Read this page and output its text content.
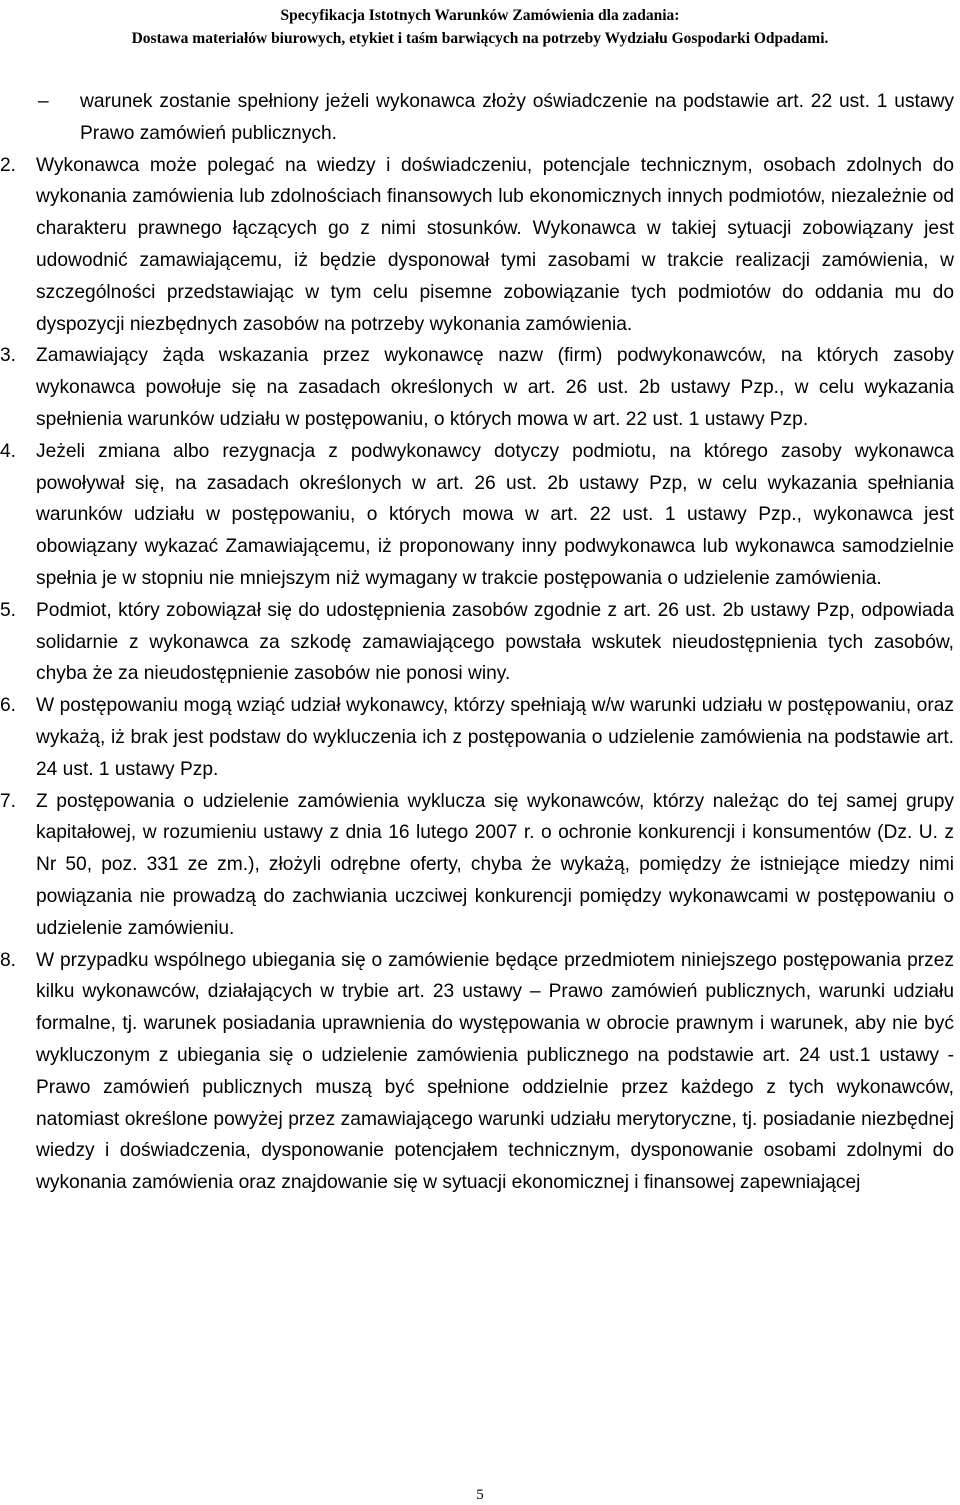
Specyfikacja Istotnych Warunków Zamówienia dla zadania:
Dostawa materiałów biurowych, etykiet i taśm barwiących na potrzeby Wydziału Gospodarki Odpadami.
– warunek zostanie spełniony jeżeli wykonawca złoży oświadczenie na podstawie art. 22 ust. 1 ustawy Prawo zamówień publicznych.
2. Wykonawca może polegać na wiedzy i doświadczeniu, potencjale technicznym, osobach zdolnych do wykonania zamówienia lub zdolnościach finansowych lub ekonomicznych innych podmiotów, niezależnie od charakteru prawnego łączących go z nimi stosunków. Wykonawca w takiej sytuacji zobowiązany jest udowodnić zamawiającemu, iż będzie dysponował tymi zasobami w trakcie realizacji zamówienia, w szczególności przedstawiając w tym celu pisemne zobowiązanie tych podmiotów do oddania mu do dyspozycji niezbędnych zasobów na potrzeby wykonania zamówienia.
3. Zamawiający żąda wskazania przez wykonawcę nazw (firm) podwykonawców, na których zasoby wykonawca powołuje się na zasadach określonych w art. 26 ust. 2b ustawy Pzp., w celu wykazania spełnienia warunków udziału w postępowaniu, o których mowa w art. 22 ust. 1 ustawy Pzp.
4. Jeżeli zmiana albo rezygnacja z podwykonawcy dotyczy podmiotu, na którego zasoby wykonawca powoływał się, na zasadach określonych w art. 26 ust. 2b ustawy Pzp, w celu wykazania spełniania warunków udziału w postępowaniu, o których mowa w art. 22 ust. 1 ustawy Pzp., wykonawca jest obowiązany wykazać Zamawiającemu, iż proponowany inny podwykonawca lub wykonawca samodzielnie spełnia je w stopniu nie mniejszym niż wymagany w trakcie postępowania o udzielenie zamówienia.
5. Podmiot, który zobowiązał się do udostępnienia zasobów zgodnie z art. 26 ust. 2b ustawy Pzp, odpowiada solidarnie z wykonawca za szkodę zamawiającego powstała wskutek nieudostępnienia tych zasobów, chyba że za nieudostępnienie zasobów nie ponosi winy.
6. W postępowaniu mogą wziąć udział wykonawcy, którzy spełniają w/w warunki udziału w postępowaniu, oraz wykażą, iż brak jest podstaw do wykluczenia ich z postępowania o udzielenie zamówienia na podstawie art. 24 ust. 1 ustawy Pzp.
7. Z postępowania o udzielenie zamówienia wyklucza się wykonawców, którzy należąc do tej samej grupy kapitałowej, w rozumieniu ustawy z dnia 16 lutego 2007 r. o ochronie konkurencji i konsumentów (Dz. U. z Nr 50, poz. 331 ze zm.), złożyli odrębne oferty, chyba że wykażą, pomiędzy że istniejące miedzy nimi powiązania nie prowadzą do zachwiania uczciwej konkurencji pomiędzy wykonawcami w postępowaniu o udzielenie zamówieniu.
8. W przypadku wspólnego ubiegania się o zamówienie będące przedmiotem niniejszego postępowania przez kilku wykonawców, działających w trybie art. 23 ustawy – Prawo zamówień publicznych, warunki udziału formalne, tj. warunek posiadania uprawnienia do występowania w obrocie prawnym i warunek, aby nie być wykluczonym z ubiegania się o udzielenie zamówienia publicznego na podstawie art. 24 ust.1 ustawy - Prawo zamówień publicznych muszą być spełnione oddzielnie przez każdego z tych wykonawców, natomiast określone powyżej przez zamawiającego warunki udziału merytoryczne, tj. posiadanie niezbędnej wiedzy i doświadczenia, dysponowanie potencjałem technicznym, dysponowanie osobami zdolnymi do wykonania zamówienia oraz znajdowanie się w sytuacji ekonomicznej i finansowej zapewniającej
5
